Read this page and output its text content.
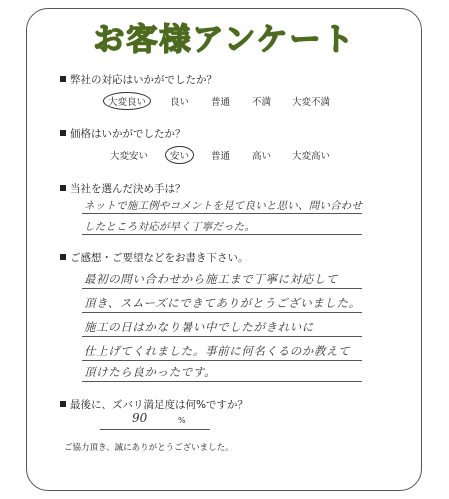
お客様アンケート
弊社の対応はいかがでしたか？
大変良い	良い 普通 不満 大変不満
価格はいかがでしたか？
大変安い	安い	普通 高い 大変高い
当社を選んだ決め手は？
ネットで施工例やコメントを見て良いと思い、問い合わせ
したところ対応が早く丁寧だった。
ご感想・ご要望などをお書き下さい。
最初の問い合わせから施工まで丁寧に対応して
頂き、スムーズにできてありがとうございました。
施工の日はかなり暑い中でしたがきれいに
仕上げてくれました。事前に何名くるのか教えて
頂けたら良かったです。
最後に、ズバリ満足度は何%ですか？
90	%
ご協力頂き、誠にありがとうございました。
